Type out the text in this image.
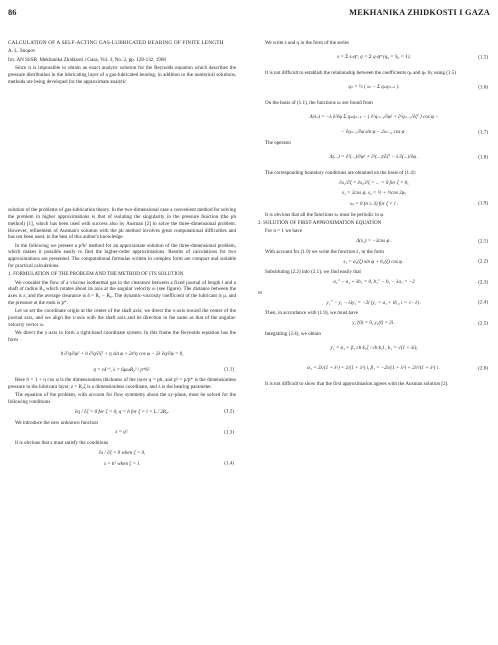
86	MEKHANIKA ZHIDKOSTI I GAZA

CALCULATION OF A SELF-ACTING GAS-LUBRICATED BEARING OF FINITE LENGTH

A. L. Snopov

Izv. AN SSSR. Mekhanika Zhidkosti i Gaza, Vol. 3, No. 2, pp. 128-132, 1968

Since it is impossible to obtain an exact analytic solution for the Reynolds equation which describes the pressure distribution in the lubricating layer of a gas-lubricated bearing, in addition to the numerical solutions, methods are being developed for the approximate analytic

solution of the problems of gas-lubrication theory. In the two-dimensional case a convenient method for solving the problem in higher approximations is that of isolating the singularity in the pressure function (the ph method) [1], which has been used with success also by Ausman [2] to solve the three-dimensional problem. However, refinement of Ausman's solution with the ph method involves great computational difficulties and has not been used, to the best of this author's knowledge.

In the following we present a p²h² method for an approximate solution of the three-dimensional problem, which makes it possible easily to find the higher-order approximations. Results of calculations for two approximations are presented. The computational formulas written in complex form are compact and suitable for practical calculations.

1. FORMULATION OF THE PROBLEM AND THE METHOD OF ITS SOLUTION

We consider the flow of a viscous isothermal gas in the clearance between a fixed journal of length l and a shaft of radius R₀ which rotates about its axis at the angular velocity ω (see figure). The distance between the axes is ε, and the average clearance is δ = R₁ − R₀. The dynamic-viscosity coefficient of the lubricant is μ, and the pressure at the ends is p*.

Let us set the coordinate origin at the center of the shaft axis; we direct the x-axis toward the center of the journal axis, and we align the z-axis with the shaft axis and its direction in the same as that of the angular-velocity vector ω.

We direct the y-axis to form a right-hand coordinate system. In this frame the Reynolds equation has the form

h ∂²q/∂φ² + h ∂²q/∂ζ² + η sin φ + 2ε²η cos φ − 2λ ∂q/∂φ = 0,
η = εδ⁻¹, λ = 6μωR₀² / p*δ².	(1.1)

Here h = 1 + η cos φ is the dimensionless thickness of the layer q = ph, and p² = p/p* is the dimensionless pressure in the lubricant layer, z = R₀ζ is a dimensionless coordinate, and λ is the bearing parameter.

The equation of the problem, with account for flow symmetry about the xy-plane, must be solved for the following conditions

∂q / ∂ζ = 0 for ζ = 0, q = h for ζ = l = L / 2R₀.	(1.2)

We introduce the new unknown function

s = q².	(1.3)

It is obvious that s must satisfy the conditions

∂s / ∂ζ = 0 when ζ = 0,
s = h² when ζ = l.	(1.4)

We write s and q in the form of the series

s = Σ sₙηⁿ, q = Σ qₙηⁿ (q₀ = S₀ = 1).	(1.5)

It is not difficult to establish the relationship between the coefficients qₙ and qₙ by using (1.5)

qₙ = ½ ( sₙ − Σ qₖqₙ₋ₖ ).	(1.6)

On the basis of (1.1), the functions sₙ are found from

Λ(sₙ) = −λ ∂/∂φ Σ qₖqₙ₋ₖ − ( ∂²qₙ₋₁/∂φ² + ∂²qₙ₋₁/∂ζ² ) cos φ −
− ∂qₙ₋₁/∂φ sin φ − 2sₙ₋₂ cos φ .	(1.7)

The operator

Λ(...) = ∂²(...)/∂φ² + ∂²(...)/∂ζ² − λ ∂(...)/∂φ .	(1.8)

The corresponding boundary conditions are obtained on the basis of (1.4):

∂s₁/∂ζ = ∂s₂/∂ζ = ... = 0 for ζ = 0,
s₁ = 2cos φ, s₂ = ½ + ½cos 2φ,
sₙ = 0 (n ≥ 3) for ζ = l .	(1.9)

It is obvious that all the functions sₙ must be periodic in φ.

2. SOLUTION OF FIRST-APPROXIMATION EQUATION

For n = 1 we have

Λ(s₁) = −2cos φ .	(2.1)

With account for (1.9) we write the function s₁ in the form

s₁ = a₁(ζ) sin φ + b₁(ζ) cos φ .	(2.2)

Substituting (2.2) into (2.1), we find easily that

a₁″ − a₁ + λb₁ = 0, b₁″ − b₁ − λa₁ = −2	(2.3)

or

y₁″ − y₁ − λiy₁ = −2i (y₁ = a₁ + ib₁, i = √−1) .	(2.4)

Then, in accordance with (1.9), we must have

y₁′(0) = 0, y₁(l) = 2i .	(2.5)

Integrating (2.4), we obtain

y₁ = α₁ + β₁ ch k₁ζ / ch k₁l , k₁ = √(1 + λi),
α₁ = 2λ/(1 + λ²) + 2/(1 + λ²) i, β₁ = −2λ/(1 + λ²) + 2λ²/(1 + λ²) i .	(2.6)

It is not difficult to show that the first approximation agrees with the Ausman solution [2].
